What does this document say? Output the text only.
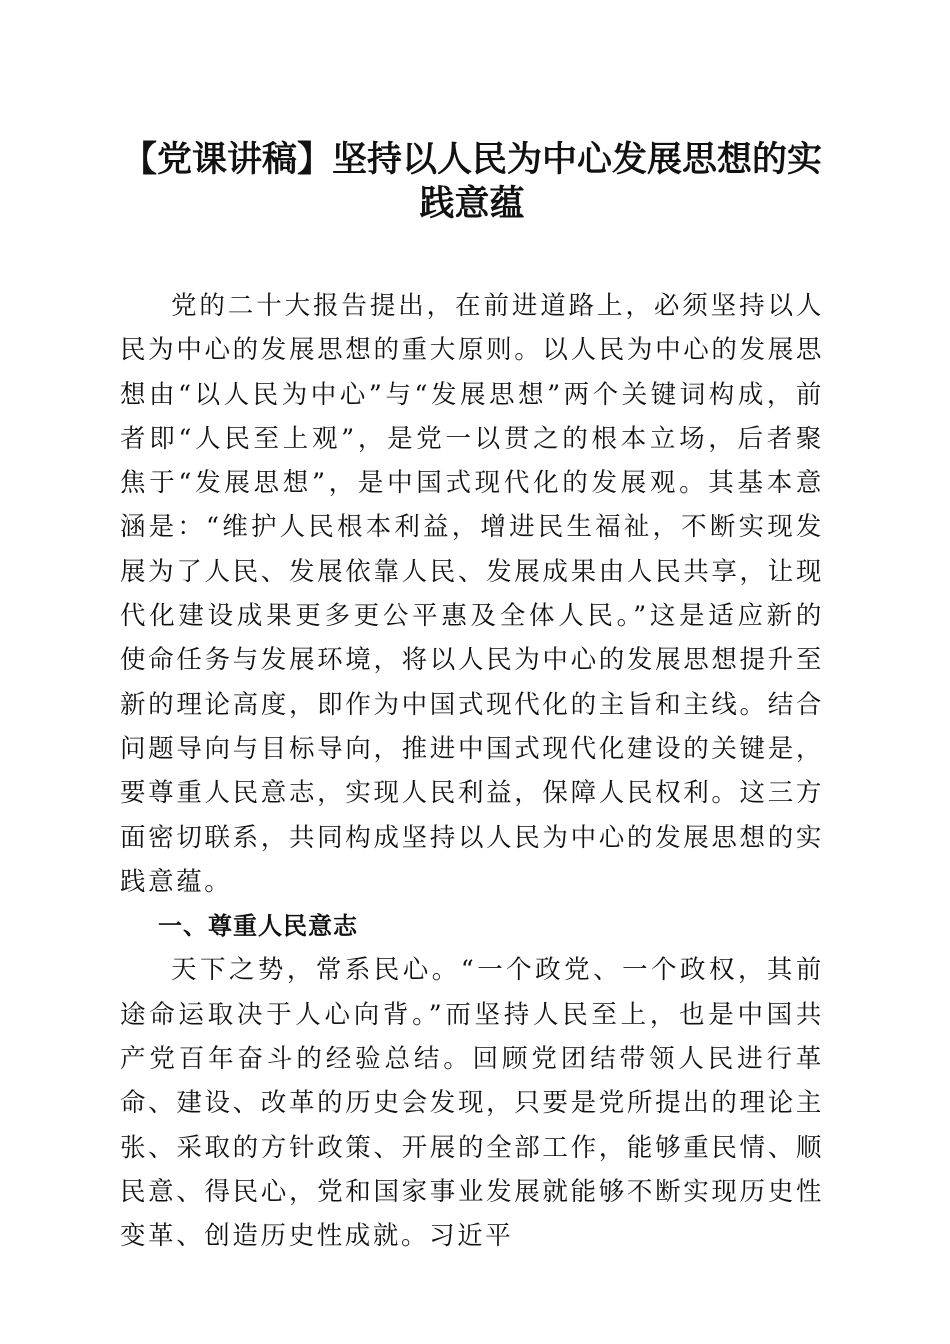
【党课讲稿】坚持以人民为中心发展思想的实
践意蕴

党的二十大报告提出，在前进道路上，必须坚持以人民为中心的发展思想的重大原则。以人民为中心的发展思想由“以人民为中心”与“发展思想”两个关键词构成，前者即“人民至上观”，是党一以贯之的根本立场，后者聚焦于“发展思想”，是中国式现代化的发展观。其基本意涵是：“维护人民根本利益，增进民生福祉，不断实现发展为了人民、发展依靠人民、发展成果由人民共享，让现代化建设成果更多更公平惠及全体人民。”这是适应新的使命任务与发展环境，将以人民为中心的发展思想提升至新的理论高度，即作为中国式现代化的主旨和主线。结合问题导向与目标导向，推进中国式现代化建设的关键是，要尊重人民意志，实现人民利益，保障人民权利。这三方面密切联系，共同构成坚持以人民为中心的发展思想的实践意蕴。

一、尊重人民意志

天下之势，常系民心。“一个政党、一个政权，其前途命运取决于人心向背。”而坚持人民至上，也是中国共产党百年奋斗的经验总结。回顾党团结带领人民进行革命、建设、改革的历史会发现，只要是党所提出的理论主张、采取的方针政策、开展的全部工作，能够重民情、顺民意、得民心，党和国家事业发展就能够不断实现历史性变革、创造历史性成就。习近平
